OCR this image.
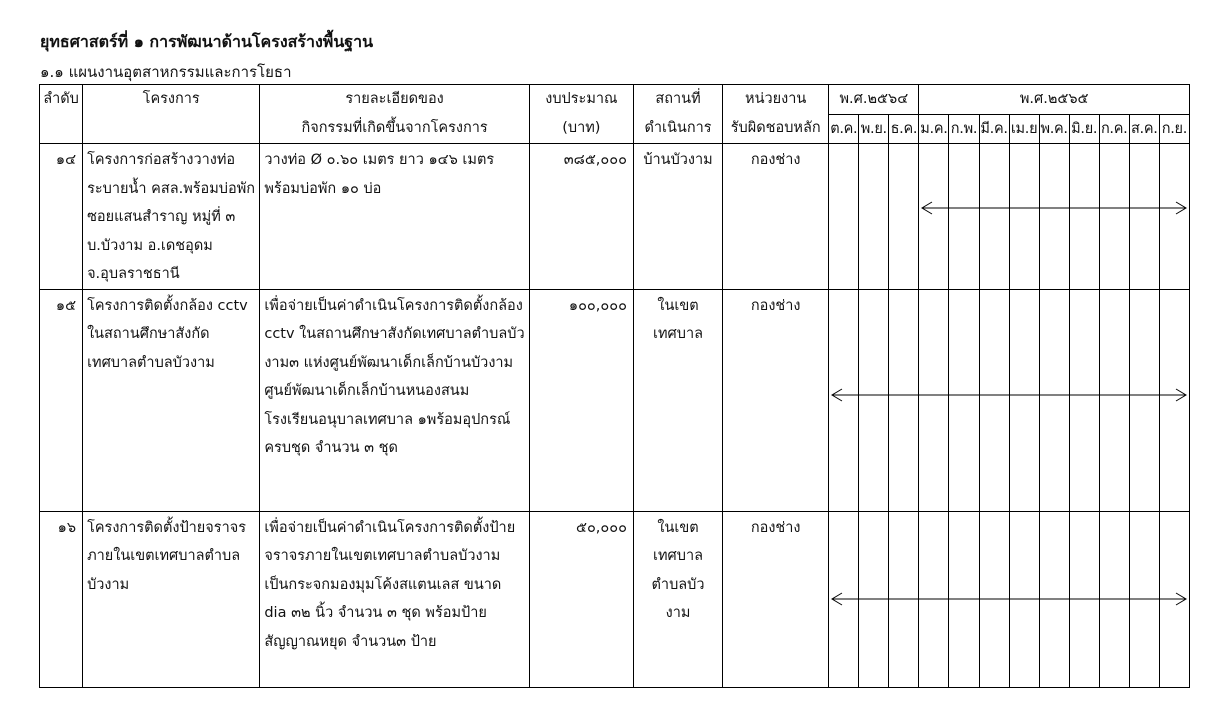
ยุทธศาสตร์ที่ ๑ การพัฒนาด้านโครงสร้างพื้นฐาน
๑.๑ แผนงานอุตสาหกรรมและการโยธา
ลำดับ	โครงการ	รายละเอียดของ	งบประมาณ	สถานที่	หน่วยงาน	พ.ศ.๒๕๖๔			พ.ศ.๒๕๖๕								
		กิจกรรมที่เกิดขึ้นจากโครงการ	(บาท)	ดำเนินการ	รับผิดชอบหลัก	ต.ค.	พ.ย.	ธ.ค.	ม.ค.	ก.พ.	มี.ค.	เม.ย	พ.ค.	มิ.ย.	ก.ค.	ส.ค.	ก.ย.

๑๔	โครงการก่อสร้างวางท่อระบายน้ำ คสล.พร้อมบ่อพัก ซอยแสนสำราญ หมู่ที่ ๓ บ.บัวงาม อ.เดชอุดม จ.อุบลราชธานี	วางท่อ Ø ๐.๖๐ เมตร ยาว ๑๔๖ เมตร พร้อมบ่อพัก ๑๐ บ่อ	๓๘๕,๐๐๐	บ้านบัวงาม	กองช่าง

๑๕	โครงการติดตั้งกล้อง cctv ในสถานศึกษาสังกัดเทศบาลตำบลบัวงาม	เพื่อจ่ายเป็นค่าดำเนินโครงการติดตั้งกล้อง cctv ในสถานศึกษาสังกัดเทศบาลตำบลบัวงาม๓ แห่งศูนย์พัฒนาเด็กเล็กบ้านบัวงามศูนย์พัฒนาเด็กเล็กบ้านหนองสนม โรงเรียนอนุบาลเทศบาล ๑พร้อมอุปกรณ์ครบชุด จำนวน ๓ ชุด	๑๐๐,๐๐๐	ในเขตเทศบาล	กองช่าง

๑๖	โครงการติดตั้งป้ายจราจรภายในเขตเทศบาลตำบลบัวงาม	เพื่อจ่ายเป็นค่าดำเนินโครงการติดตั้งป้ายจราจรภายในเขตเทศบาลตำบลบัวงามเป็นกระจกมองมุมโค้งสแตนเลส ขนาด dia ๓๒ นิ้ว จำนวน ๓ ชุด พร้อมป้ายสัญญาณหยุด จำนวน๓ ป้าย	๕๐,๐๐๐	ในเขตเทศบาลตำบลบัวงาม	กองช่าง
